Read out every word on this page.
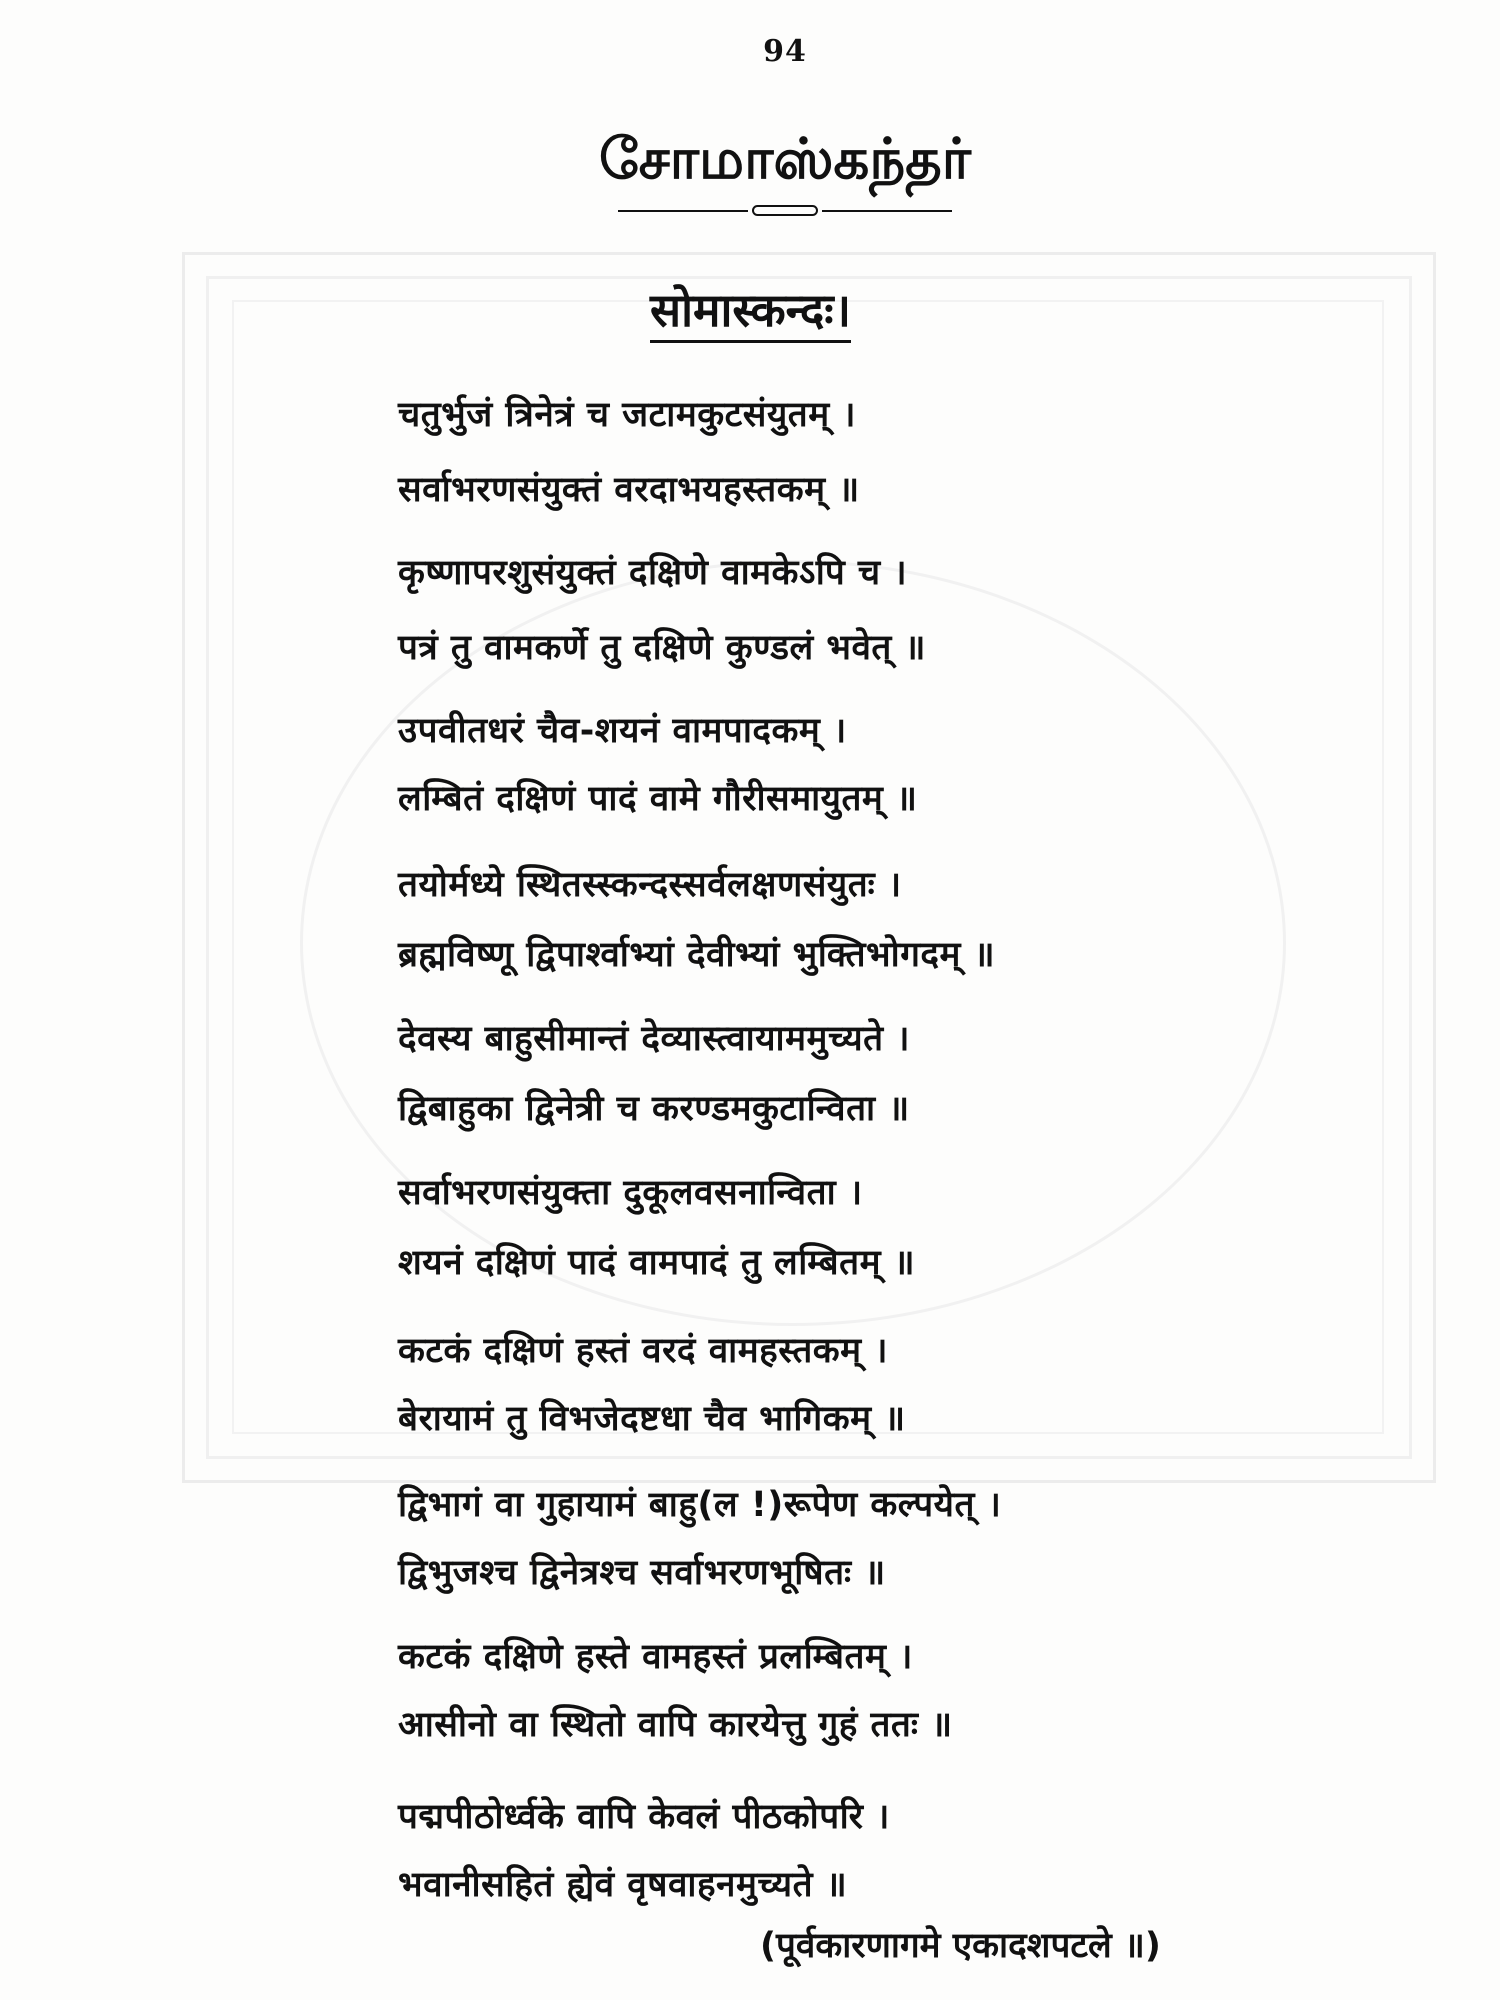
94
சோமாஸ்கந்தர்
सोमास्कन्दः।
चतुर्भुजं त्रिनेत्रं च जटामकुटसंयुतम् ।
सर्वाभरणसंयुक्तं वरदाभयहस्तकम् ॥
कृष्णापरशुसंयुक्तं दक्षिणे वामकेऽपि च ।
पत्रं तु वामकर्णे तु दक्षिणे कुण्डलं भवेत् ॥
उपवीतधरं चैव-शयनं वामपादकम् ।
लम्बितं दक्षिणं पादं वामे गौरीसमायुतम् ॥
तयोर्मध्ये स्थितस्स्कन्दस्सर्वलक्षणसंयुतः ।
ब्रह्मविष्णू द्विपार्श्वाभ्यां देवीभ्यां भुक्तिभोगदम् ॥
देवस्य बाहुसीमान्तं देव्यास्त्वायाममुच्यते ।
द्विबाहुका द्विनेत्री च करण्डमकुटान्विता ॥
सर्वाभरणसंयुक्ता दुकूलवसनान्विता ।
शयनं दक्षिणं पादं वामपादं तु लम्बितम् ॥
कटकं दक्षिणं हस्तं वरदं वामहस्तकम् ।
बेरायामं तु विभजेदष्टधा चैव भागिकम् ॥
द्विभागं वा गुहायामं बाहु(ल !)रूपेण कल्पयेत् ।
द्विभुजश्च द्विनेत्रश्च सर्वाभरणभूषितः ॥
कटकं दक्षिणे हस्ते वामहस्तं प्रलम्बितम् ।
आसीनो वा स्थितो वापि कारयेत्तु गुहं ततः ॥
पद्मपीठोर्ध्वके वापि केवलं पीठकोपरि ।
भवानीसहितं ह्येवं वृषवाहनमुच्यते ॥
(पूर्वकारणागमे एकादशपटले ॥)
